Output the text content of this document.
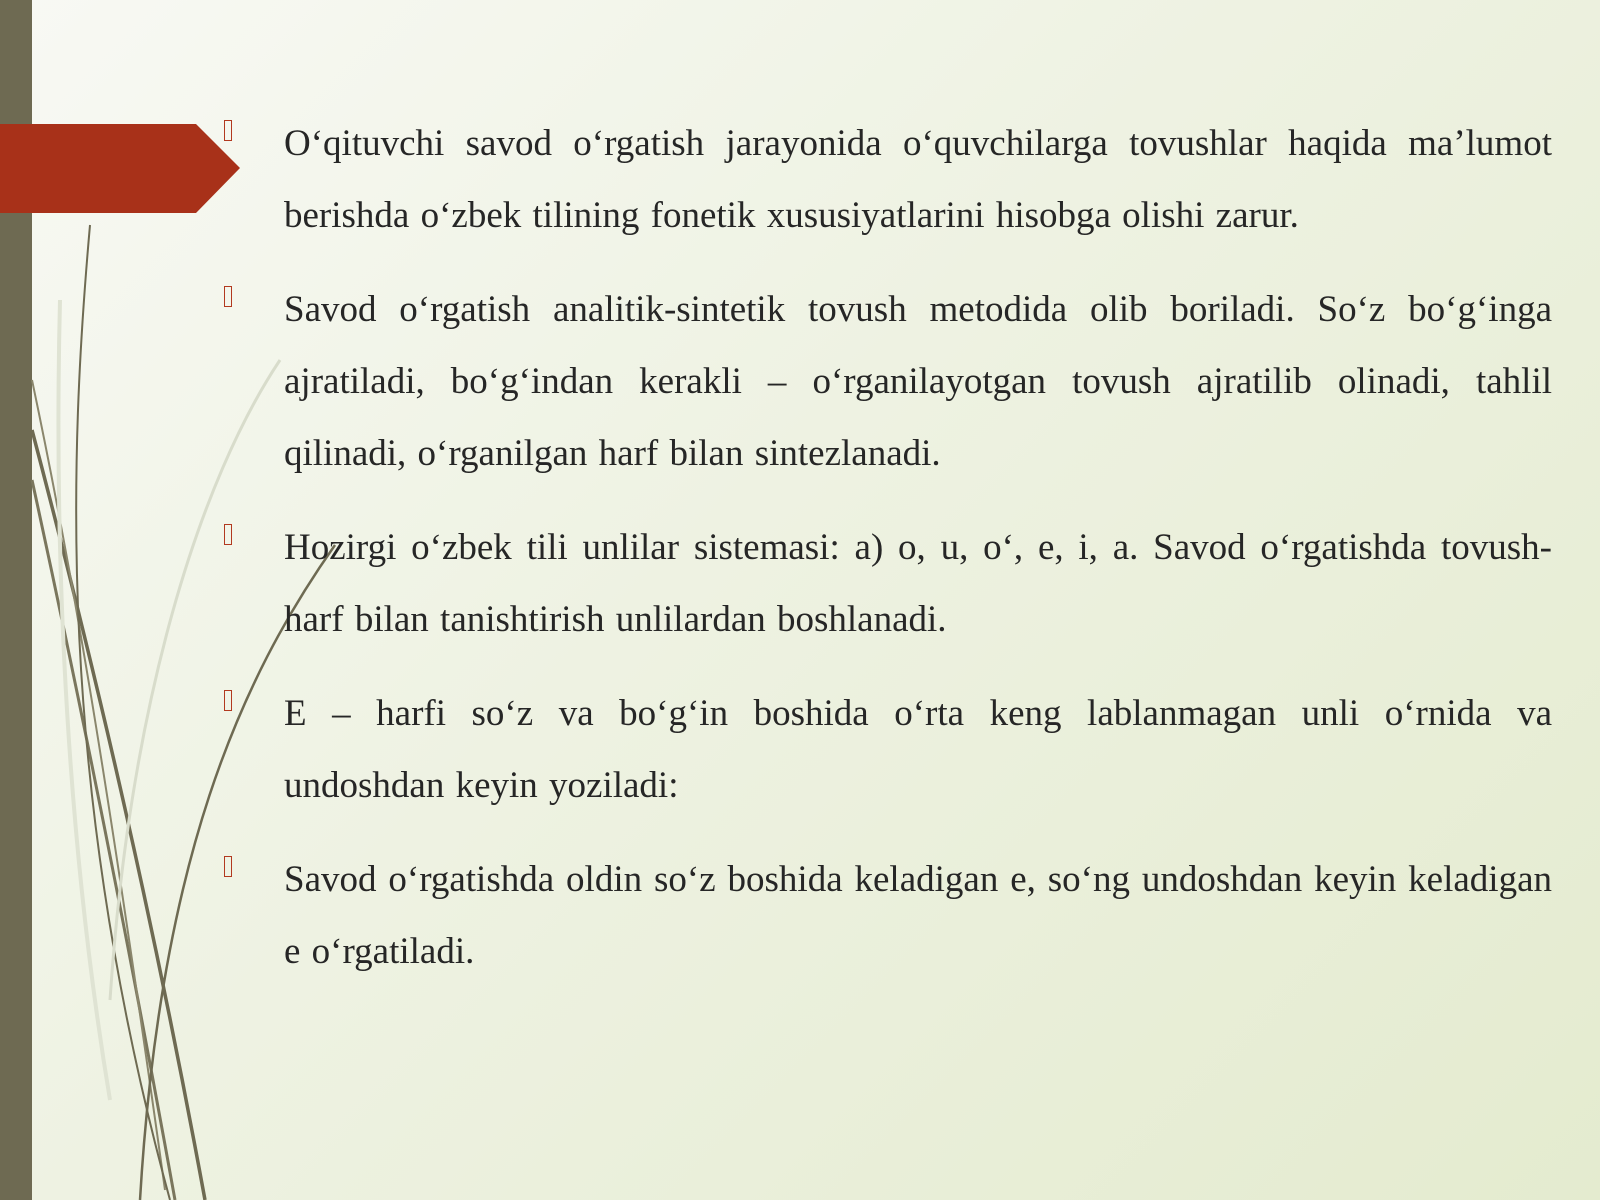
O‘qituvchi savod o‘rgatish jarayonida o‘quvchilarga tovushlar haqida ma’lumot berishda o‘zbek tilining fonetik xususiyatlarini hisobga olishi zarur.
Savod o‘rgatish analitik-sintetik tovush metodida olib boriladi. So‘z bo‘g‘inga ajratiladi, bo‘g‘indan kerakli – o‘rganilayotgan tovush ajratilib olinadi, tahlil qilinadi, o‘rganilgan harf bilan sintezlanadi.
Hozirgi o‘zbek tili unlilar sistemasi: a) o, u, o‘, e, i, a. Savod o‘rgatishda tovush-harf bilan tanishtirish unlilardan boshlanadi.
E – harfi so‘z va bo‘g‘in boshida o‘rta keng lablanmagan unli o‘rnida va undoshdan keyin yoziladi:
Savod o‘rgatishda oldin so‘z boshida keladigan e, so‘ng undoshdan keyin keladigan e o‘rgatiladi.
